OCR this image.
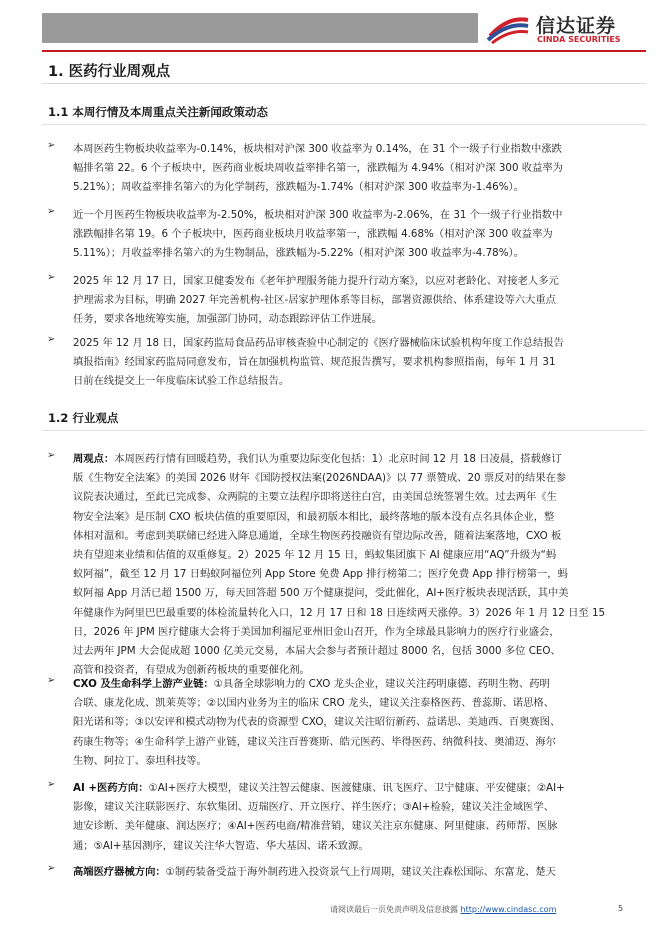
信达证券
CINDA SECURITIES
1. 医药行业周观点
1.1 本周行情及本周重点关注新闻政策动态
➢	本周医药生物板块收益率为-0.14%，板块相对沪深 300 收益率为 0.14%，在 31 个一级子行业指数中涨跌
幅排名第 22。6 个子板块中，医药商业板块周收益率排名第一，涨跌幅为 4.94%（相对沪深 300 收益率为
5.21%）；周收益率排名第六的为化学制药，涨跌幅为-1.74%（相对沪深 300 收益率为-1.46%）。
➢	近一个月医药生物板块收益率为-2.50%，板块相对沪深 300 收益率为-2.06%，在 31 个一级子行业指数中
涨跌幅排名第 19。6 个子板块中，医药商业板块月收益率第一，涨跌幅 4.68%（相对沪深 300 收益率为
5.11%）；月收益率排名第六的为生物制品，涨跌幅为-5.22%（相对沪深 300 收益率为-4.78%）。
➢	2025 年 12 月 17 日，国家卫健委发布《老年护理服务能力提升行动方案》，以应对老龄化、对接老人多元
护理需求为目标，明确 2027 年完善机构-社区-居家护理体系等目标，部署资源供给、体系建设等六大重点
任务，要求各地统筹实施，加强部门协同，动态跟踪评估工作进展。
➢	2025 年 12 月 18 日，国家药监局食品药品审核查验中心制定的《医疗器械临床试验机构年度工作总结报告
填报指南》经国家药监局同意发布，旨在加强机构监管、规范报告撰写，要求机构参照指南，每年 1 月 31
日前在线提交上一年度临床试验工作总结报告。
1.2 行业观点
➢	周观点：本周医药行情有回暖趋势，我们认为重要边际变化包括：1）北京时间 12 月 18 日凌晨，搭载修订
版《生物安全法案》的美国 2026 财年《国防授权法案(2026NDAA)》以 77 票赞成、20 票反对的结果在参
议院表决通过，至此已完成参、众两院的主要立法程序即将送往白宫，由美国总统签署生效。过去两年《生
物安全法案》是压制 CXO 板块估值的重要原因，和最初版本相比，最终落地的版本没有点名具体企业，整
体相对温和。考虑到美联储已经进入降息通道，全球生物医药投融资有望边际改善，随着法案落地，CXO 板
块有望迎来业绩和估值的双重修复。2）2025 年 12 月 15 日，蚂蚁集团旗下 AI 健康应用“AQ”升级为“蚂
蚁阿福”，截至 12 月 17 日蚂蚁阿福位列 App Store 免费 App 排行榜第二；医疗免费 App 排行榜第一，蚂
蚁阿福 App 月活已超 1500 万，每天回答超 500 万个健康提问，受此催化，AI+医疗板块表现活跃，其中美
年健康作为阿里巴巴最重要的体检流量转化入口，12 月 17 日和 18 日连续两天涨停。3）2026 年 1 月 12 日至 15
日，2026 年 JPM 医疗健康大会将于美国加利福尼亚州旧金山召开，作为全球最具影响力的医疗行业盛会，
过去两年 JPM 大会促成超 1000 亿美元交易，本届大会参与者预计超过 8000 名，包括 3000 多位 CEO、
高管和投资者，有望成为创新药板块的重要催化剂。
➢	CXO 及生命科学上游产业链：①具备全球影响力的 CXO 龙头企业，建议关注药明康德、药明生物、药明
合联、康龙化成、凯莱英等；②以国内业务为主的临床 CRO 龙头，建议关注泰格医药、普蕊斯、诺思格、
阳光诺和等；③以安评和模式动物为代表的资源型 CXO，建议关注昭衍新药、益诺思、美迪西、百奥赛图、
药康生物等；④生命科学上游产业链，建议关注百普赛斯、皓元医药、毕得医药、纳微科技、奥浦迈、海尔
生物、阿拉丁、泰坦科技等。
➢	AI +医药方向：①AI+医疗大模型，建议关注智云健康、医渡健康、讯飞医疗、卫宁健康、平安健康；②AI+
影像，建议关注联影医疗、东软集团、迈瑞医疗、开立医疗、祥生医疗；③AI+检验，建议关注金域医学、
迪安诊断、美年健康、润达医疗；④AI+医药电商/精准营销，建议关注京东健康、阿里健康、药师帮、医脉
通；⑤AI+基因测序，建议关注华大智造、华大基因、诺禾致源。
➢	高端医疗器械方向：①制药装备受益于海外制药进入投资景气上行周期，建议关注森松国际、东富龙、楚天
请阅读最后一页免责声明及信息披露 http://www.cindasc.com	5
